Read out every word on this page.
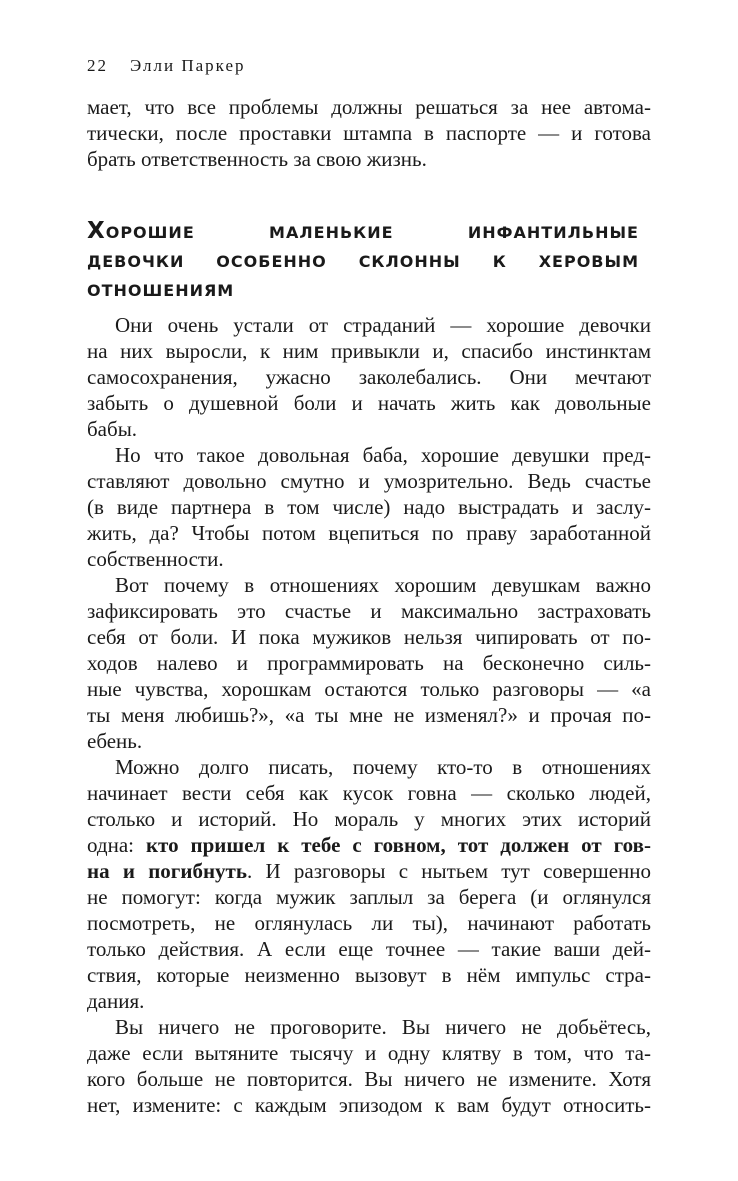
22 Элли Паркер
мает, что все проблемы должны решаться за нее автома-
тически, после проставки штампа в паспорте — и готова
брать ответственность за свою жизнь.
Хорошие маленькие инфантильные
девочки особенно склонны к херовым
отношениям
Они очень устали от страданий — хорошие девочки
на них выросли, к ним привыкли и, спасибо инстинктам
самосохранения, ужасно заколебались. Они мечтают
забыть о душевной боли и начать жить как довольные
бабы.
Но что такое довольная баба, хорошие девушки пред-
ставляют довольно смутно и умозрительно. Ведь счастье
(в виде партнера в том числе) надо выстрадать и заслу-
жить, да? Чтобы потом вцепиться по праву заработанной
собственности.
Вот почему в отношениях хорошим девушкам важно
зафиксировать это счастье и максимально застраховать
себя от боли. И пока мужиков нельзя чипировать от по-
ходов налево и программировать на бесконечно силь-
ные чувства, хорошкам остаются только разговоры — «а
ты меня любишь?», «а ты мне не изменял?» и прочая по-
ебень.
Можно долго писать, почему кто-то в отношениях
начинает вести себя как кусок говна — сколько людей,
столько и историй. Но мораль у многих этих историй
одна: кто пришел к тебе с говном, тот должен от гов-
на и погибнуть. И разговоры с нытьем тут совершенно
не помогут: когда мужик заплыл за берега (и оглянулся
посмотреть, не оглянулась ли ты), начинают работать
только действия. А если еще точнее — такие ваши дей-
ствия, которые неизменно вызовут в нём импульс стра-
дания.
Вы ничего не проговорите. Вы ничего не добьётесь,
даже если вытяните тысячу и одну клятву в том, что та-
кого больше не повторится. Вы ничего не измените. Хотя
нет, измените: с каждым эпизодом к вам будут относить-
